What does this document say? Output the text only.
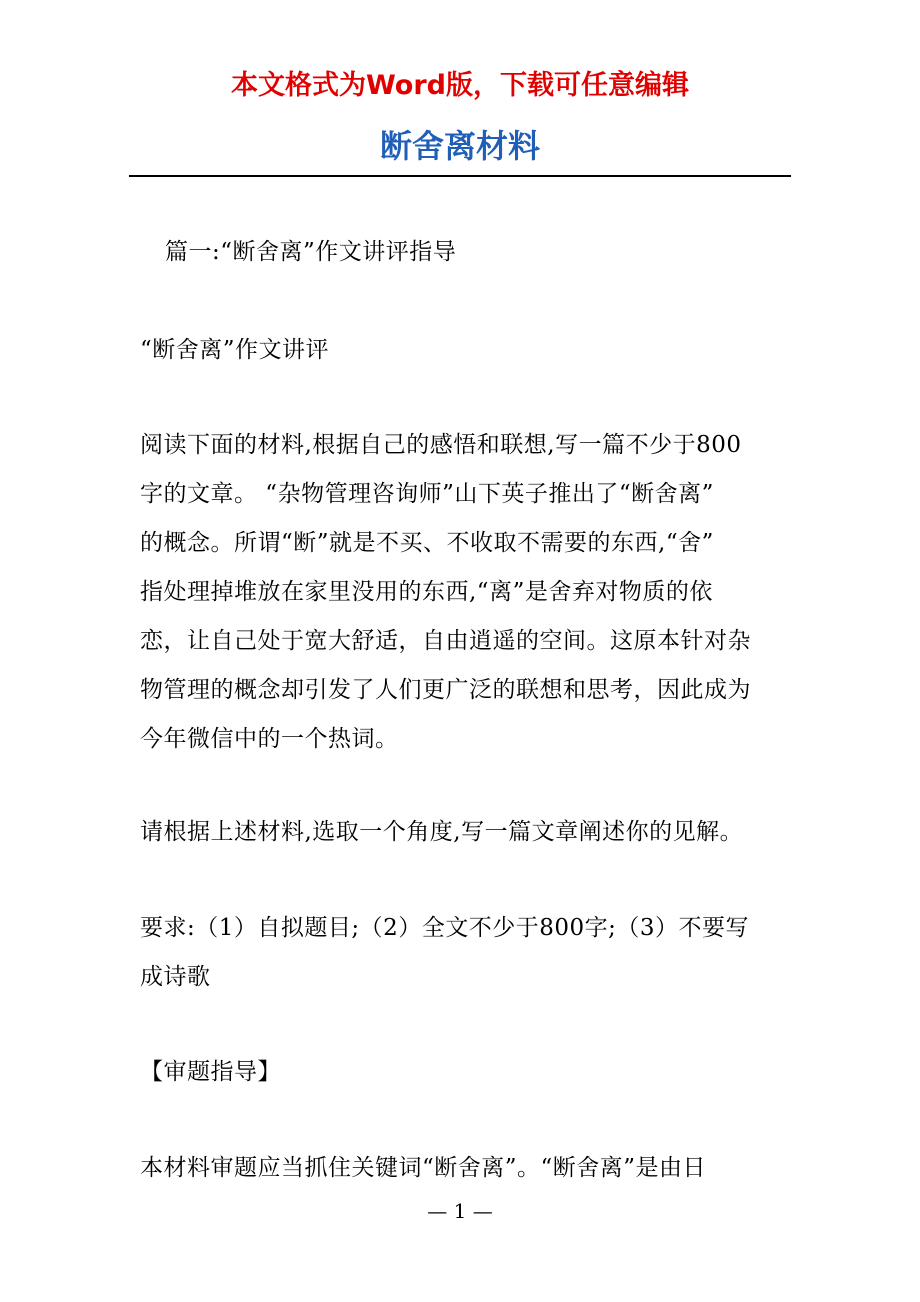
本文格式为Word版，下载可任意编辑
断舍离材料
篇一:“断舍离”作文讲评指导
“断舍离”作文讲评
阅读下面的材料,根据自己的感悟和联想,写一篇不少于800
字的文章。 “杂物管理咨询师”山下英子推出了“断舍离”
的概念。所谓“断”就是不买、不收取不需要的东西,“舍”
指处理掉堆放在家里没用的东西,“离”是舍弃对物质的依
恋，让自己处于宽大舒适，自由逍遥的空间。这原本针对杂
物管理的概念却引发了人们更广泛的联想和思考，因此成为
今年微信中的一个热词。
请根据上述材料,选取一个角度,写一篇文章阐述你的见解。
要求:（1）自拟题目;（2）全文不少于800字;（3）不要写
成诗歌
【审题指导】
本材料审题应当抓住关键词“断舍离”。“断舍离”是由日
— 1 —
